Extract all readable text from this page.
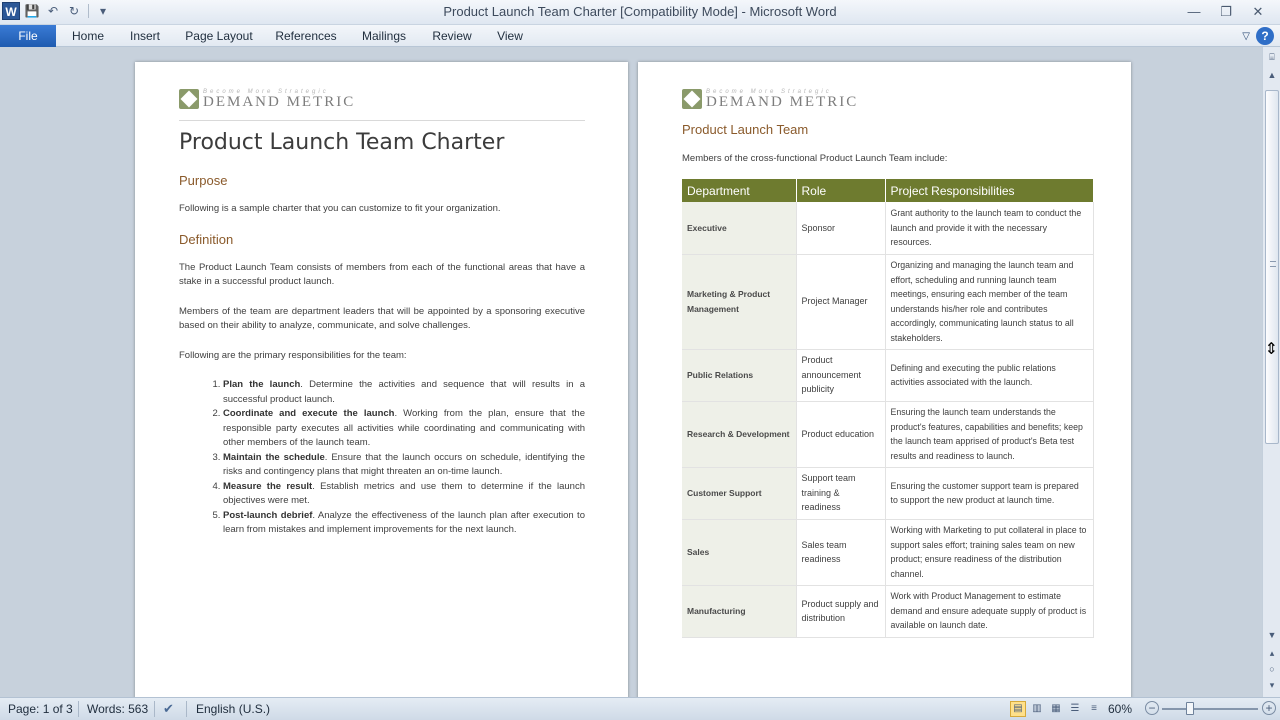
W 💾 ↶ ↻	▾	Product Launch Team Charter [Compatibility Mode] - Microsoft Word	—	❐	✕
File	Home	Insert	Page Layout	References	Mailings	Review	View	▽ ?
Become More Strategic
DEMAND METRIC
Product Launch Team Charter
Purpose

Following is a sample charter that you can customize to fit your organization.

Definition

The Product Launch Team consists of members from each of the functional areas that have a stake in a successful product launch.

Members of the team are department leaders that will be appointed by a sponsoring executive based on their ability to analyze, communicate, and solve challenges.

Following are the primary responsibilities for the team:

1. Plan the launch. Determine the activities and sequence that will results in a successful product launch.
2. Coordinate and execute the launch. Working from the plan, ensure that the responsible party executes all activities while coordinating and communicating with other members of the launch team.
3. Maintain the schedule. Ensure that the launch occurs on schedule, identifying the risks and contingency plans that might threaten an on-time launch.
4. Measure the result. Establish metrics and use them to determine if the launch objectives were met.
5. Post-launch debrief. Analyze the effectiveness of the launch plan after execution to learn from mistakes and implement improvements for the next launch.
Become More Strategic
DEMAND METRIC
Product Launch Team
Members of the cross-functional Product Launch Team include:
Department	Role	Project Responsibilities
Executive	Sponsor	Grant authority to the launch team to conduct the launch and provide it with the necessary resources.
Marketing & Product Management	Project Manager	Organizing and managing the launch team and effort, scheduling and running launch team meetings, ensuring each member of the team understands his/her role and contributes accordingly, communicating launch status to all stakeholders.
Public Relations	Product announcement publicity	Defining and executing the public relations activities associated with the launch.
Research & Development	Product education	Ensuring the launch team understands the product's features, capabilities and benefits; keep the launch team apprised of product's Beta test results and readiness to launch.
Customer Support	Support team training & readiness	Ensuring the customer support team is prepared to support the new product at launch time.
Sales	Sales team readiness	Working with Marketing to put collateral in place to support sales effort; training sales team on new product; ensure readiness of the distribution channel.
Manufacturing	Product supply and distribution	Work with Product Management to estimate demand and ensure adequate supply of product is available on launch date.
⌸
▲
▼
▴
○
▾
⇕
Page: 1 of 3 Words: 563 ✔	English (U.S.)	▤ ▥ ▦ ☰	≡ 60% −	+
